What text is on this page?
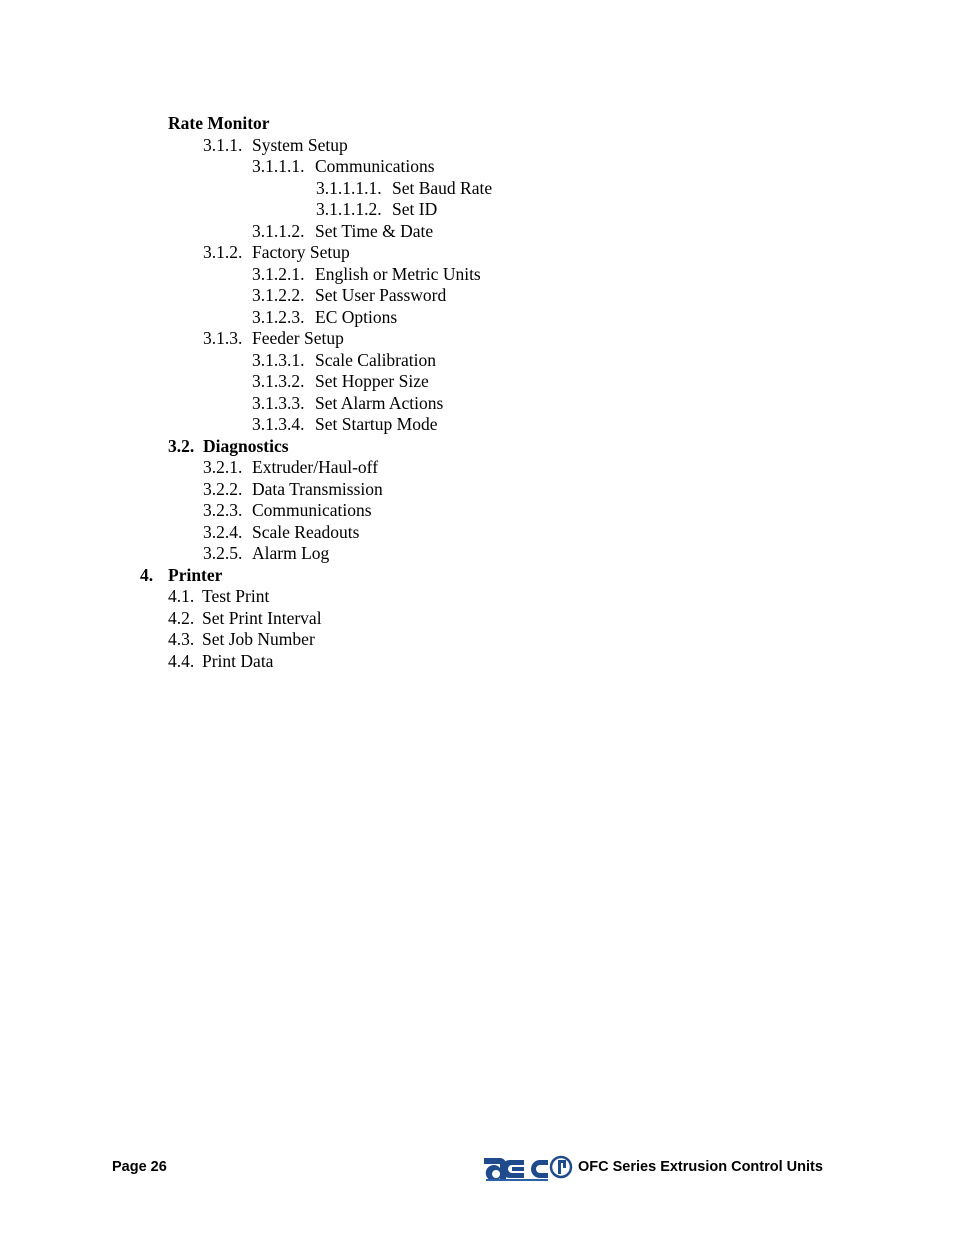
Rate Monitor
3.1.1. System Setup
3.1.1.1. Communications
3.1.1.1.1. Set Baud Rate
3.1.1.1.2. Set ID
3.1.1.2. Set Time & Date
3.1.2. Factory Setup
3.1.2.1. English or Metric Units
3.1.2.2. Set User Password
3.1.2.3. EC Options
3.1.3. Feeder Setup
3.1.3.1. Scale Calibration
3.1.3.2. Set Hopper Size
3.1.3.3. Set Alarm Actions
3.1.3.4. Set Startup Mode
3.2. Diagnostics
3.2.1. Extruder/Haul-off
3.2.2. Data Transmission
3.2.3. Communications
3.2.4. Scale Readouts
3.2.5. Alarm Log
4. Printer
4.1. Test Print
4.2. Set Print Interval
4.3. Set Job Number
4.4. Print Data
Page 26	OFC Series Extrusion Control Units
